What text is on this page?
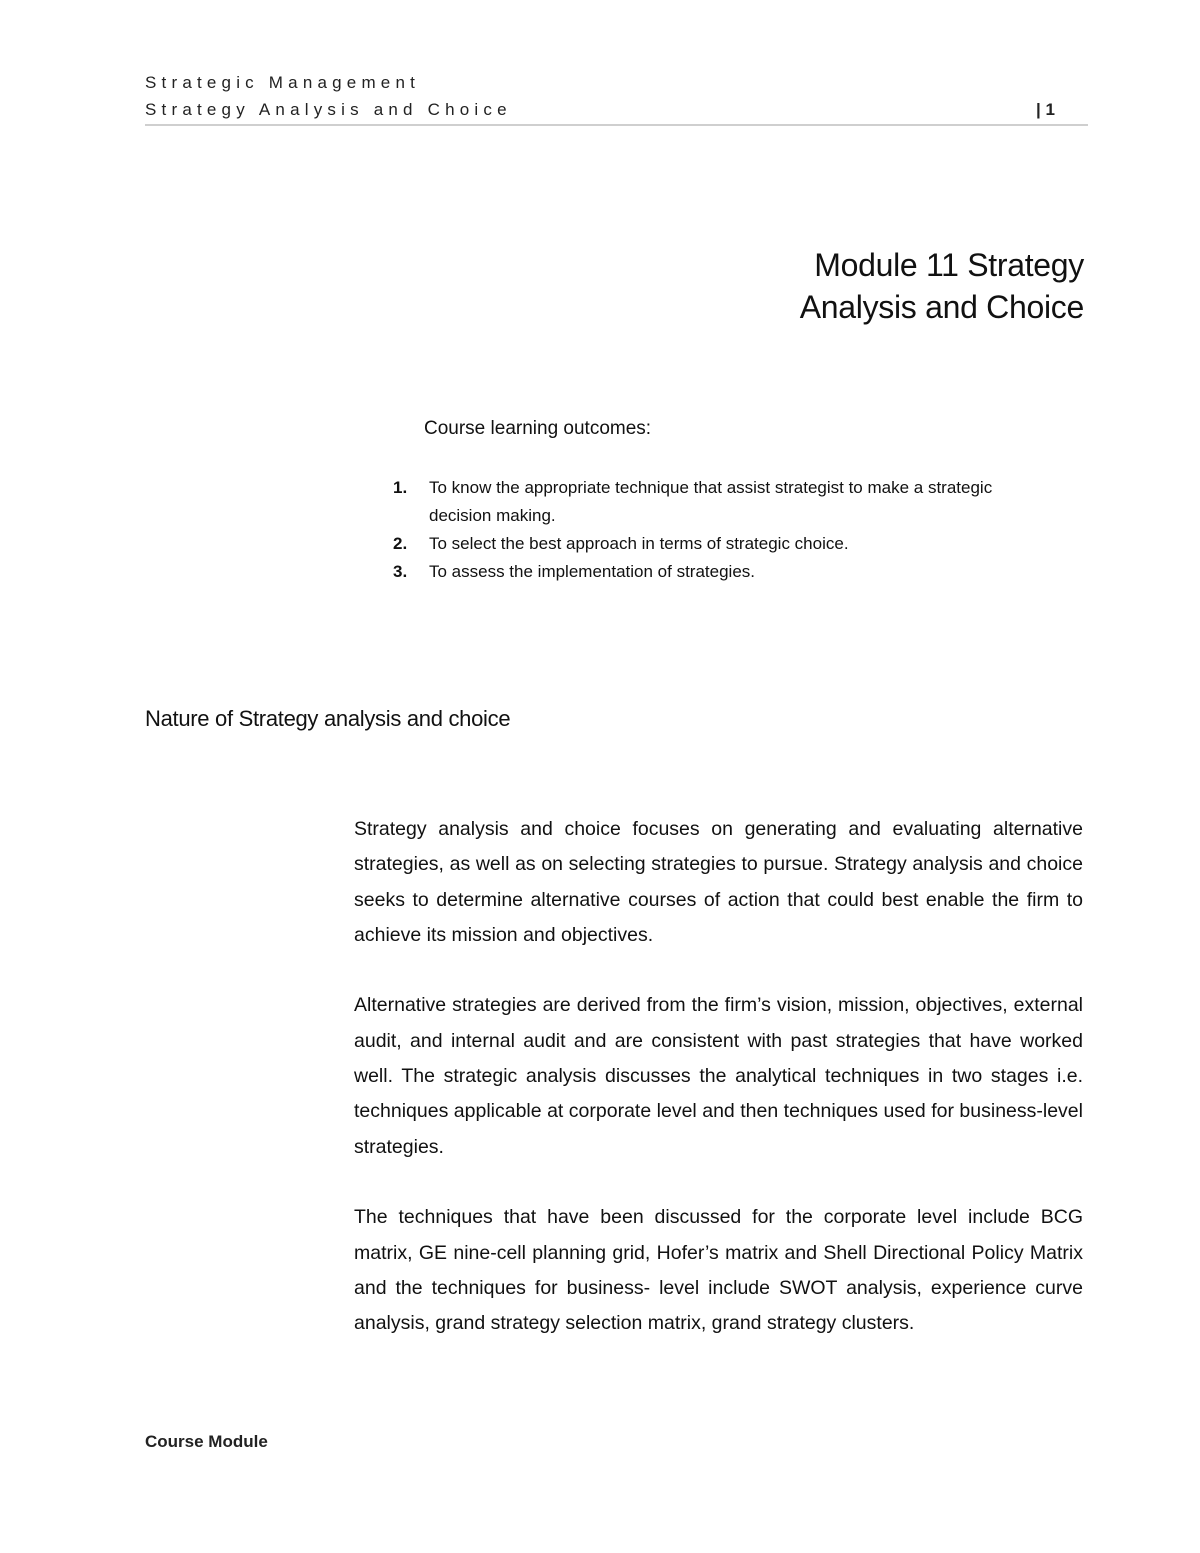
Strategic Management
Strategy Analysis and Choice	| 1
Module 11 Strategy
Analysis and Choice
Course learning outcomes:
1. To know the appropriate technique that assist strategist to make a strategic decision making.
2. To select the best approach in terms of strategic choice.
3. To assess the implementation of strategies.
Nature of Strategy analysis and choice

Strategy analysis and choice focuses on generating and evaluating alternative strategies, as well as on selecting strategies to pursue. Strategy analysis and choice seeks to determine alternative courses of action that could best enable the firm to achieve its mission and objectives.

Alternative strategies are derived from the firm’s vision, mission, objectives, external audit, and internal audit and are consistent with past strategies that have worked well. The strategic analysis discusses the analytical techniques in two stages i.e. techniques applicable at corporate level and then techniques used for business-level strategies.

The techniques that have been discussed for the corporate level include BCG matrix, GE nine-cell planning grid, Hofer’s matrix and Shell Directional Policy Matrix and the techniques for business- level include SWOT analysis, experience curve analysis, grand strategy selection matrix, grand strategy clusters.

Course Module
